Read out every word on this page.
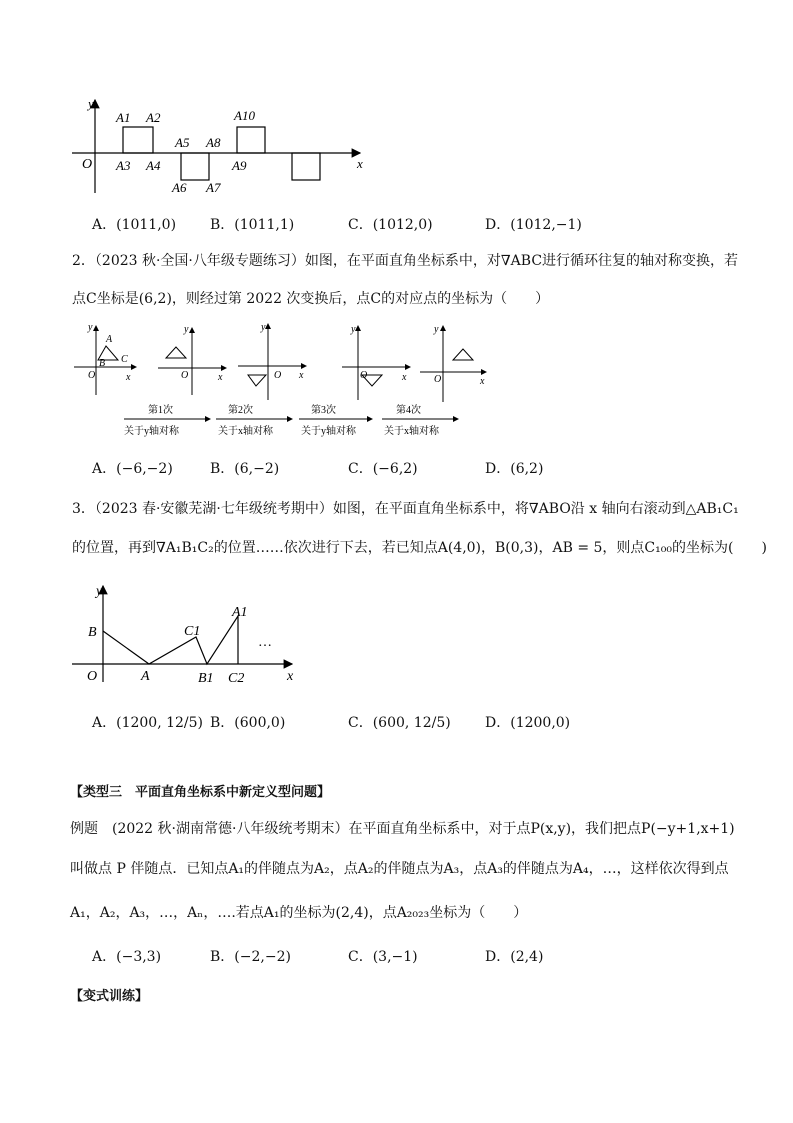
O
y
x
A1 A2
A3 A4
A5
A6 A7
A8
A9
A10
A．(1011,0) B．(1011,1)	C．(1012,0)	D．(1012,−1)
2．（2023 秋·全国·八年级专题练习）如图，在平面直角坐标系中，对∇ABC进行循环往复的轴对称变换，若
点C坐标是(6,2)，则经过第 2022 次变换后，点C的对应点的坐标为（　　）
y
A
B C
O	x
y
O	x
y
O x
y
O	x
y
O	x
第1次
关于y轴对称
第2次
关于x轴对称
第3次
关于y轴对称
第4次
关于x轴对称
A．(−6,−2)	B．(6,−2)	C．(−6,2)	D．(6,2)
3．（2023 春·安徽芜湖·七年级统考期中）如图，在平面直角坐标系中，将∇ABO沿 x 轴向右滚动到△AB₁C₁
的位置，再到∇A₁B₁C₂的位置……依次进行下去，若已知点A(4,0)，B(0,3)，AB = 5，则点C₁₀₀的坐标为(　　)
y
O	x
B
A
C1
A1
B1 C2
…
A．(1200, 12/5) B．(600,0)	C．(600, 12/5) D．(1200,0)
【类型三　平面直角坐标系中新定义型问题】
例题　(2022 秋·湖南常德·八年级统考期末）在平面直角坐标系中，对于点P(x,y)，我们把点P(−y+1,x+1)
叫做点 P 伴随点．已知点A₁的伴随点为A₂，点A₂的伴随点为A₃，点A₃的伴随点为A₄，…，这样依次得到点
A₁，A₂，A₃，…，Aₙ，….若点A₁的坐标为(2,4)，点A₂₀₂₃坐标为（　　）
A．(−3,3)	B．(−2,−2)	C．(3,−1)	D．(2,4)
【变式训练】
